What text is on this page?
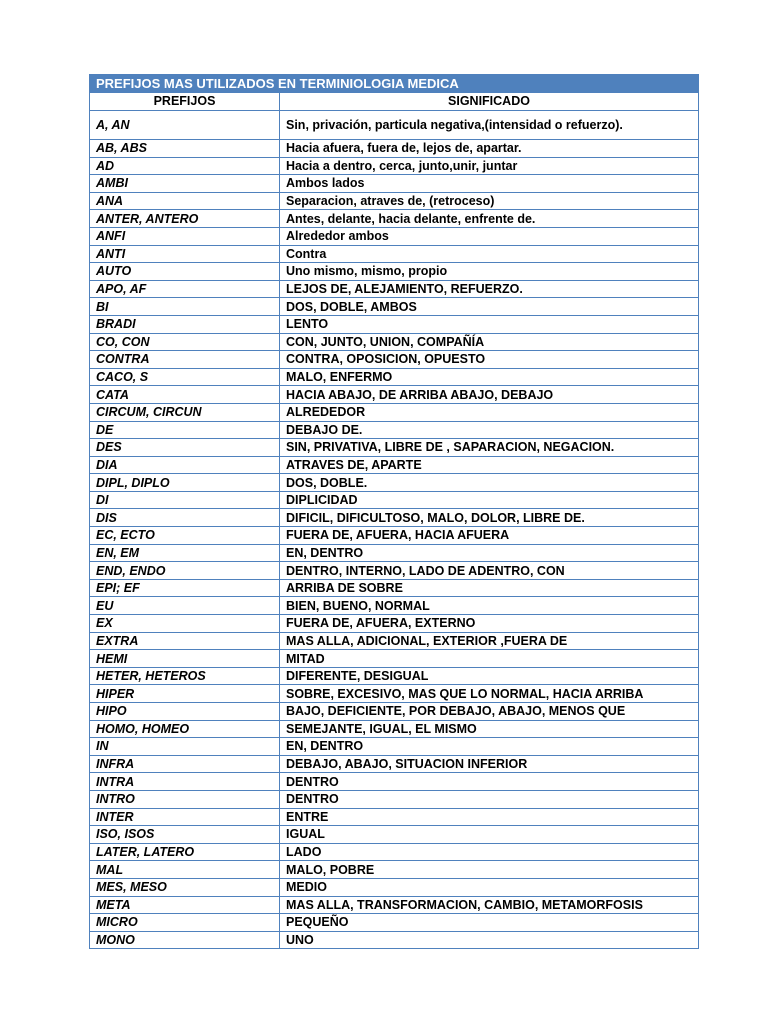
PREFIJOS MAS UTILIZADOS EN TERMINIOLOGIA MEDICA	
PREFIJOS	SIGNIFICADO
A, AN	Sin, privación, particula negativa,(intensidad o refuerzo).
AB, ABS	Hacia afuera, fuera de, lejos de, apartar.
AD	Hacia a dentro, cerca, junto,unir, juntar
AMBI	Ambos lados
ANA	Separacion, atraves de, (retroceso)
ANTER, ANTERO	Antes, delante, hacia delante, enfrente de.
ANFI	Alrededor ambos
ANTI	Contra
AUTO	Uno mismo, mismo, propio
APO, AF	LEJOS DE, ALEJAMIENTO, REFUERZO.
BI	DOS, DOBLE, AMBOS
BRADI	LENTO
CO, CON	CON, JUNTO, UNION, COMPAÑÍA
CONTRA	CONTRA, OPOSICION, OPUESTO
CACO, S	MALO, ENFERMO
CATA	HACIA ABAJO, DE ARRIBA ABAJO, DEBAJO
CIRCUM, CIRCUN	ALREDEDOR
DE	DEBAJO DE.
DES	SIN, PRIVATIVA, LIBRE DE , SAPARACION, NEGACION.
DIA	ATRAVES DE, APARTE
DIPL, DIPLO	DOS, DOBLE.
DI	DIPLICIDAD
DIS	DIFICIL, DIFICULTOSO, MALO, DOLOR, LIBRE DE.
EC, ECTO	FUERA DE, AFUERA, HACIA AFUERA
EN, EM	EN, DENTRO
END, ENDO	DENTRO, INTERNO, LADO DE ADENTRO, CON
EPI; EF	ARRIBA DE SOBRE
EU	BIEN, BUENO, NORMAL
EX	FUERA DE, AFUERA, EXTERNO
EXTRA	MAS ALLA, ADICIONAL, EXTERIOR ,FUERA DE
HEMI	MITAD
HETER, HETEROS	DIFERENTE, DESIGUAL
HIPER	SOBRE, EXCESIVO, MAS QUE LO NORMAL, HACIA ARRIBA
HIPO	BAJO, DEFICIENTE, POR DEBAJO, ABAJO, MENOS QUE
HOMO, HOMEO	SEMEJANTE, IGUAL, EL MISMO
IN	EN, DENTRO
INFRA	DEBAJO, ABAJO, SITUACION INFERIOR
INTRA	DENTRO
INTRO	DENTRO
INTER	ENTRE
ISO, ISOS	IGUAL
LATER, LATERO	LADO
MAL	MALO, POBRE
MES, MESO	MEDIO
META	MAS ALLA, TRANSFORMACION, CAMBIO, METAMORFOSIS
MICRO	PEQUEÑO
MONO	UNO
